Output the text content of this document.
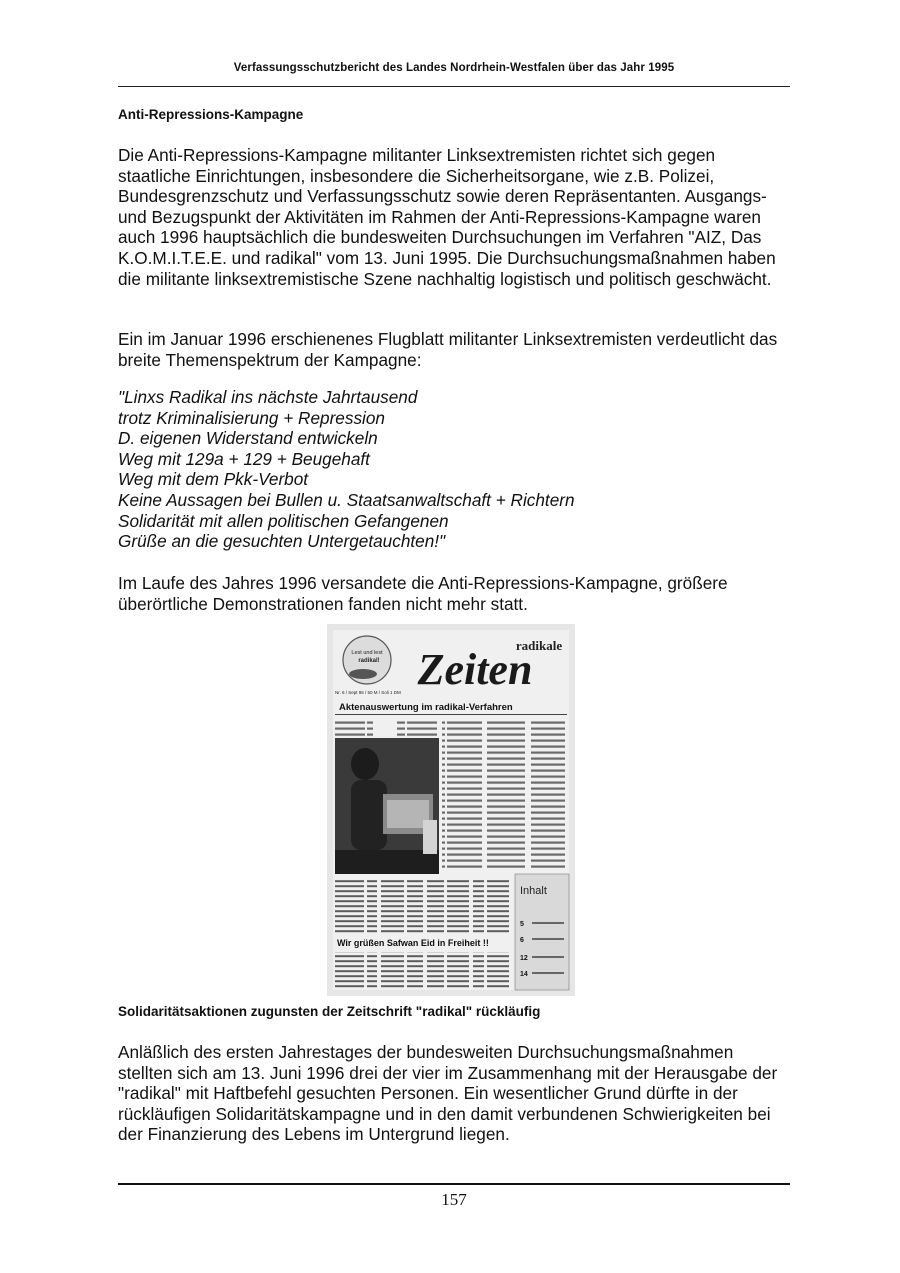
Verfassungsschutzbericht des Landes Nordrhein-Westfalen über das Jahr 1995
Anti-Repressions-Kampagne

Die Anti-Repressions-Kampagne militanter Linksextremisten richtet sich gegen staatliche Einrichtungen, insbesondere die Sicherheitsorgane, wie z.B. Polizei, Bundesgrenzschutz und Verfassungsschutz sowie deren Repräsentanten. Ausgangs- und Bezugspunkt der Aktivitäten im Rahmen der Anti-Repressions-Kampagne waren auch 1996 hauptsächlich die bundesweiten Durchsuchungen im Verfahren "AIZ, Das K.O.M.I.T.E.E. und radikal" vom 13. Juni 1995. Die Durchsuchungsmaßnahmen haben die militante linksextremistische Szene nachhaltig logistisch und politisch geschwächt.

Ein im Januar 1996 erschienenes Flugblatt militanter Linksextremisten verdeutlicht das breite Themenspektrum der Kampagne:

"Linxs Radikal ins nächste Jahrtausend
trotz Kriminalisierung + Repression
D. eigenen Widerstand entwickeln
Weg mit 129a + 129 + Beugehaft
Weg mit dem Pkk-Verbot
Keine Aussagen bei Bullen u. Staatsanwaltschaft + Richtern
Solidarität mit allen politischen Gefangenen
Grüße an die gesuchten Untergetauchten!"

Im Laufe des Jahres 1996 versandete die Anti-Repressions-Kampagne, größere überörtliche Demonstrationen fanden nicht mehr statt.

Lest und lest
radikal!
radikale
Zeiten
Nr. 6 / Sept 95 / 50 M / Soli 1 DM
Aktenauswertung im radikal-Verfahren
Inhalt
5
6
12
14
Wir grüßen Safwan Eid in Freiheit !!
Solidaritätsaktionen zugunsten der Zeitschrift "radikal" rückläufig

Anläßlich des ersten Jahrestages der bundesweiten Durchsuchungsmaßnahmen stellten sich am 13. Juni 1996 drei der vier im Zusammenhang mit der Herausgabe der "radikal" mit Haftbefehl gesuchten Personen. Ein wesentlicher Grund dürfte in der rückläufigen Solidaritätskampagne und in den damit verbundenen Schwierigkeiten bei der Finanzierung des Lebens im Untergrund liegen.

157
